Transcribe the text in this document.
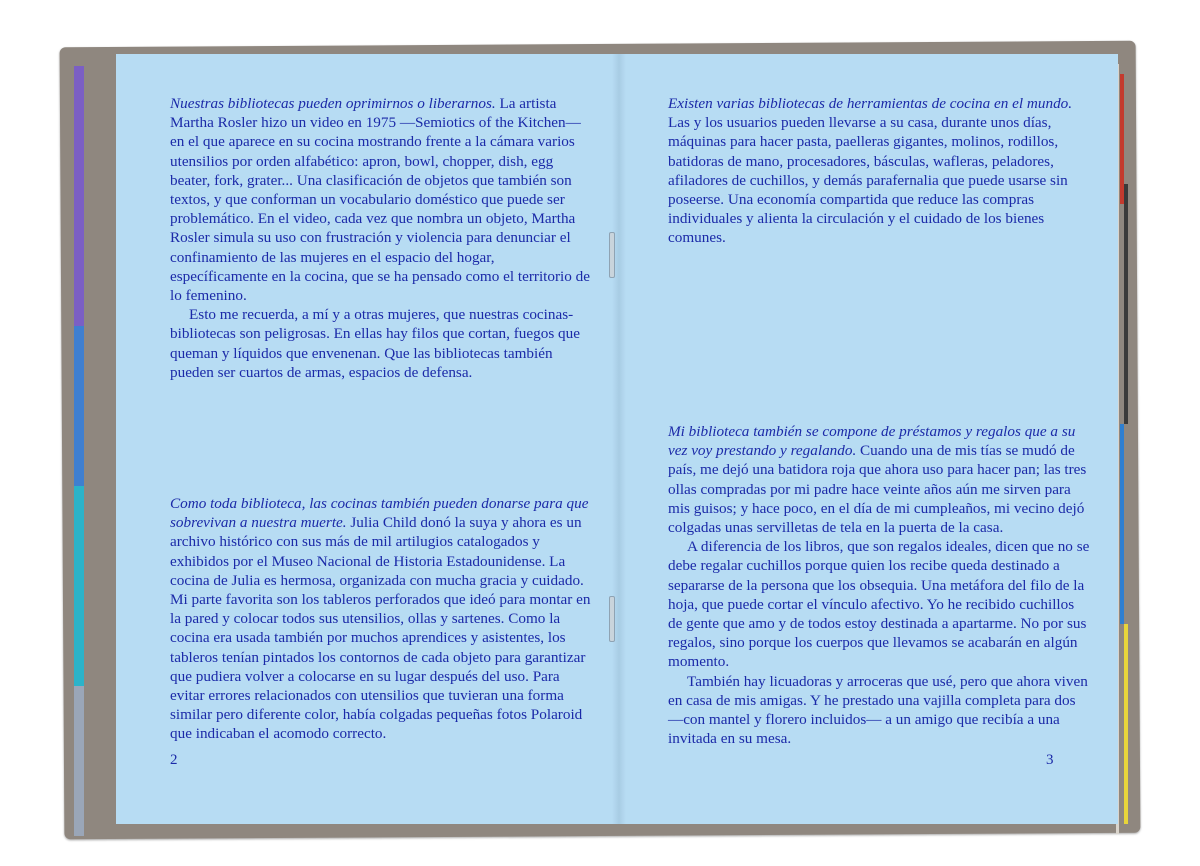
Nuestras bibliotecas pueden oprimirnos o liberarnos. La artista Martha Rosler hizo un video en 1975 —Semiotics of the Kitchen— en el que aparece en su cocina mostrando frente a la cámara varios utensilios por orden alfabético: apron, bowl, chopper, dish, egg beater, fork, grater... Una clasificación de objetos que también son textos, y que conforman un vocabulario doméstico que puede ser problemático. En el video, cada vez que nombra un objeto, Martha Rosler simula su uso con frustración y violencia para denunciar el confinamiento de las mujeres en el espacio del hogar, específicamente en la cocina, que se ha pensado como el territorio de lo femenino.

Esto me recuerda, a mí y a otras mujeres, que nuestras cocinas-bibliotecas son peligrosas. En ellas hay filos que cortan, fuegos que queman y líquidos que envenenan. Que las bibliotecas también pueden ser cuartos de armas, espacios de defensa.

Como toda biblioteca, las cocinas también pueden donarse para que sobrevivan a nuestra muerte. Julia Child donó la suya y ahora es un archivo histórico con sus más de mil artilugios catalogados y exhibidos por el Museo Nacional de Historia Estadounidense. La cocina de Julia es hermosa, organizada con mucha gracia y cuidado. Mi parte favorita son los tableros perforados que ideó para montar en la pared y colocar todos sus utensilios, ollas y sartenes. Como la cocina era usada también por muchos aprendices y asistentes, los tableros tenían pintados los contornos de cada objeto para garantizar que pudiera volver a colocarse en su lugar después del uso. Para evitar errores relacionados con utensilios que tuvieran una forma similar pero diferente color, había colgadas pequeñas fotos Polaroid que indicaban el acomodo correcto.

2

Existen varias bibliotecas de herramientas de cocina en el mundo. Las y los usuarios pueden llevarse a su casa, durante unos días, máquinas para hacer pasta, paelleras gigantes, molinos, rodillos, batidoras de mano, procesadores, básculas, wafleras, peladores, afiladores de cuchillos, y demás parafernalia que puede usarse sin poseerse. Una economía compartida que reduce las compras individuales y alienta la circulación y el cuidado de los bienes comunes.

Mi biblioteca también se compone de préstamos y regalos que a su vez voy prestando y regalando. Cuando una de mis tías se mudó de país, me dejó una batidora roja que ahora uso para hacer pan; las tres ollas compradas por mi padre hace veinte años aún me sirven para mis guisos; y hace poco, en el día de mi cumpleaños, mi vecino dejó colgadas unas servilletas de tela en la puerta de la casa.

A diferencia de los libros, que son regalos ideales, dicen que no se debe regalar cuchillos porque quien los recibe queda destinado a separarse de la persona que los obsequia. Una metáfora del filo de la hoja, que puede cortar el vínculo afectivo. Yo he recibido cuchillos de gente que amo y de todos estoy destinada a apartarme. No por sus regalos, sino porque los cuerpos que llevamos se acabarán en algún momento.

También hay licuadoras y arroceras que usé, pero que ahora viven en casa de mis amigas. Y he prestado una vajilla completa para dos —con mantel y florero incluidos— a un amigo que recibía a una invitada en su mesa.

3
